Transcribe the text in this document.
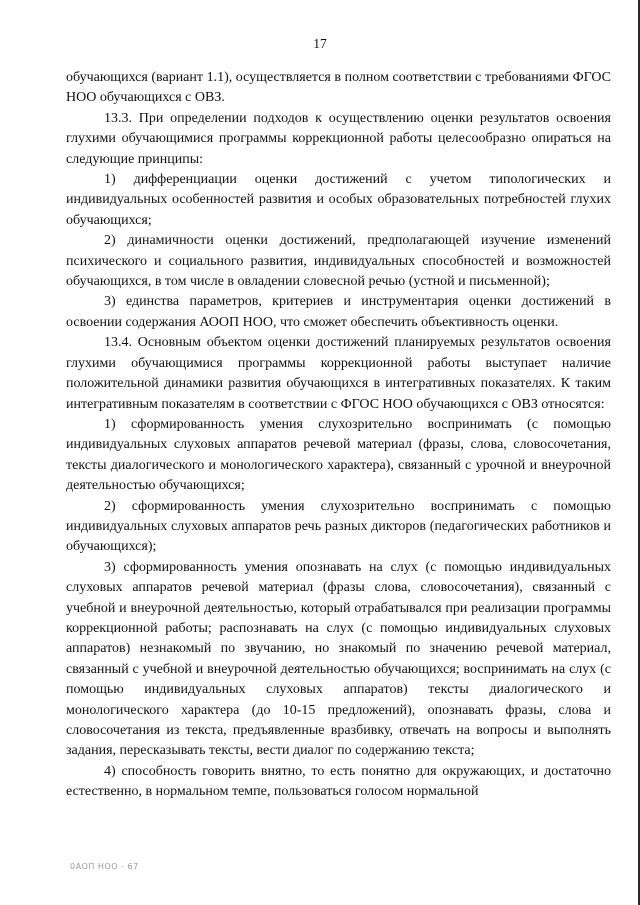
17

обучающихся (вариант 1.1), осуществляется в полном соответствии с требованиями ФГОС НОО обучающихся с ОВЗ.

13.3. При определении подходов к осуществлению оценки результатов освоения глухими обучающимися программы коррекционной работы целесообразно опираться на следующие принципы:

1) дифференциации оценки достижений с учетом типологических и индивидуальных особенностей развития и особых образовательных потребностей глухих обучающихся;

2) динамичности оценки достижений, предполагающей изучение изменений психического и социального развития, индивидуальных способностей и возможностей обучающихся, в том числе в овладении словесной речью (устной и письменной);

3) единства параметров, критериев и инструментария оценки достижений в освоении содержания АООП НОО, что сможет обеспечить объективность оценки.

13.4. Основным объектом оценки достижений планируемых результатов освоения глухими обучающимися программы коррекционной работы выступает наличие положительной динамики развития обучающихся в интегративных показателях. К таким интегративным показателям в соответствии с ФГОС НОО обучающихся с ОВЗ относятся:

1) сформированность умения слухозрительно воспринимать (с помощью индивидуальных слуховых аппаратов речевой материал (фразы, слова, словосочетания, тексты диалогического и монологического характера), связанный с урочной и внеурочной деятельностью обучающихся;

2) сформированность умения слухозрительно воспринимать с помощью индивидуальных слуховых аппаратов речь разных дикторов (педагогических работников и обучающихся);

3) сформированность умения опознавать на слух (с помощью индивидуальных слуховых аппаратов речевой материал (фразы слова, словосочетания), связанный с учебной и внеурочной деятельностью, который отрабатывался при реализации программы коррекционной работы; распознавать на слух (с помощью индивидуальных слуховых аппаратов) незнакомый по звучанию, но знакомый по значению речевой материал, связанный с учебной и внеурочной деятельностью обучающихся; воспринимать на слух (с помощью индивидуальных слуховых аппаратов) тексты диалогического и монологического характера (до 10-15 предложений), опознавать фразы, слова и словосочетания из текста, предъявленные вразбивку, отвечать на вопросы и выполнять задания, пересказывать тексты, вести диалог по содержанию текста;

4) способность говорить внятно, то есть понятно для окружающих, и достаточно естественно, в нормальном темпе, пользоваться голосом нормальной

0АОП НОО - 67
